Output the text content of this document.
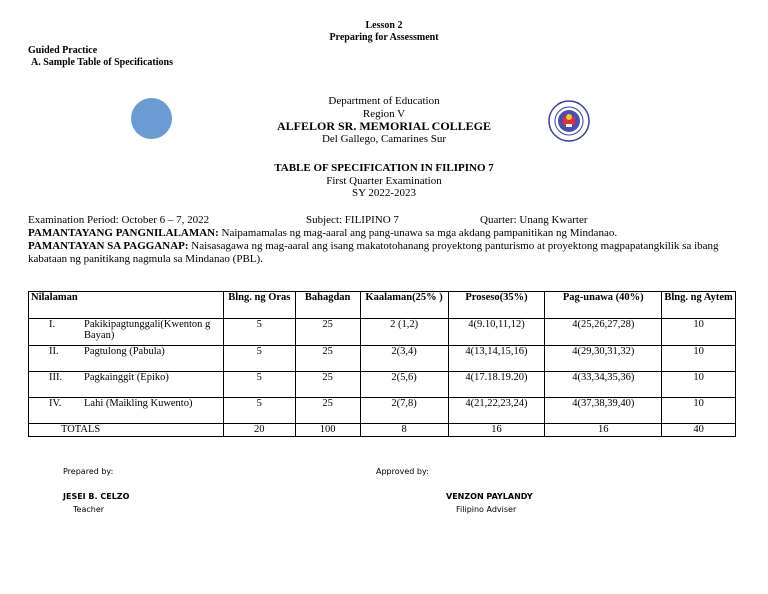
Lesson 2
Preparing for Assessment
Guided Practice
A. Sample Table of Specifications
Department of Education
Region V
ALFELOR SR. MEMORIAL COLLEGE
Del Gallego, Camarines Sur
TABLE OF SPECIFICATION IN FILIPINO 7
First Quarter Examination
SY 2022-2023
Examination Period: October 6 – 7, 2022	Subject: FILIPINO 7	Quarter: Unang Kwarter
PAMANTAYANG PANGNILALAMAN: Naipamamalas ng mag-aaral ang pang-unawa sa mga akdang pampanitikan ng Mindanao.
PAMANTAYAN SA PAGGANAP: Naisasagawa ng mag-aaral ang isang makatotohanang proyektong panturismo at proyektong magpapatangkilik sa ibang kabataan ng panitikang nagmula sa Mindanao (PBL).
Nilalaman	Blng. ng Oras	Bahagdan	Kaalaman(25% )	Proseso(35%)	Pag-unawa (40%)	Blng. ng Aytem

I. Pakikipagtunggali(Kwenton g Bayan)	5	25	2 (1,2)	4(9.10,11,12)	4(25,26,27,28)	10

II. Pagtulong (Pabula)	5	25	2(3,4)	4(13,14,15,16)	4(29,30,31,32)	10

III. Pagkainggit (Epiko)	5	25	2(5,6)	4(17.18.19.20)	4(33,34,35,36)	10

IV. Lahi (Maikling Kuwento)	5	25	2(7,8)	4(21,22,23,24)	4(37,38,39,40)	10
TOTALS	20	100	8	16	16	40
Prepared by:
JESEI B. CELZO
Teacher
Approved by:
VENZON PAYLANDY
Filipino Adviser
